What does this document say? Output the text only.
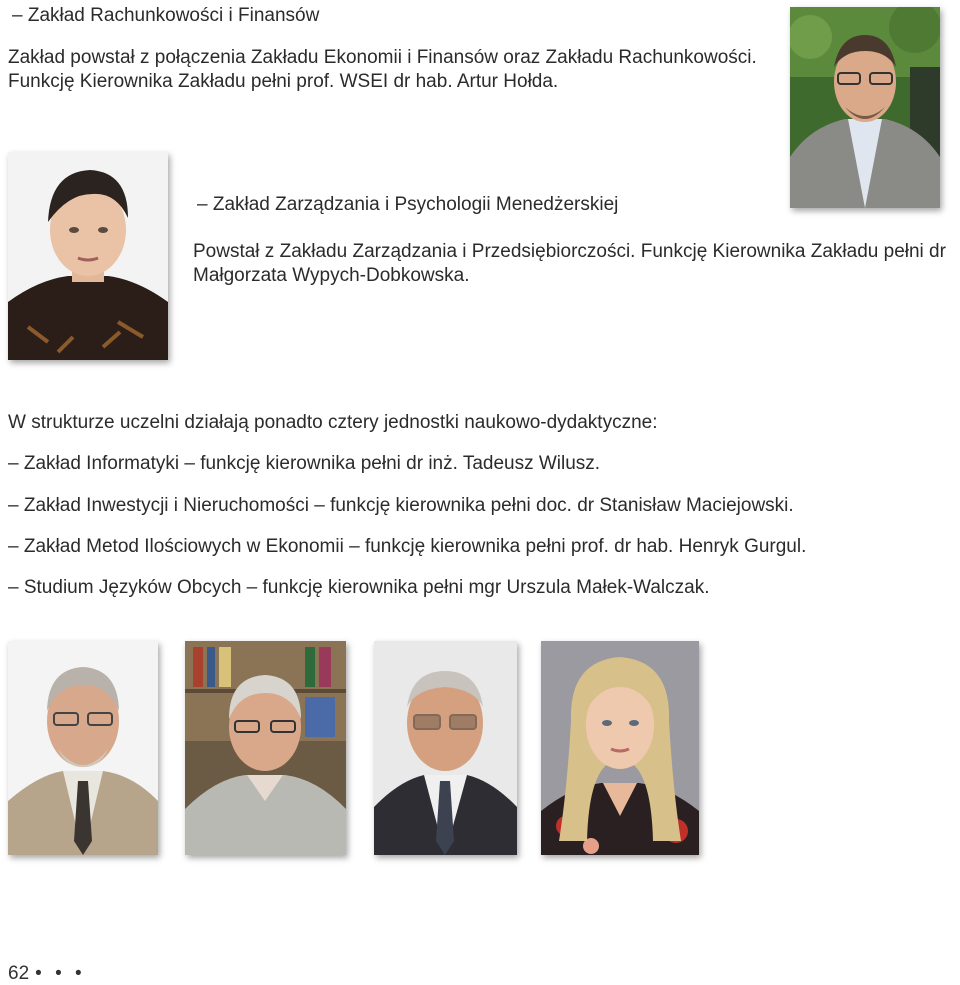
– Zakład Rachunkowości i Finansów
Zakład powstał z połączenia Zakładu Ekonomii i Finansów oraz Zakładu Rachunkowości.
Funkcję Kierownika Zakładu pełni prof. WSEI dr hab. Artur Hołda.
– Zakład Zarządzania i Psychologii Menedżerskiej
Powstał z Zakładu Zarządzania i Przedsiębiorczości. Funkcję Kierownika Zakładu pełni dr
Małgorzata Wypych-Dobkowska.
W strukturze uczelni działają ponadto cztery jednostki naukowo-dydaktyczne:
– Zakład Informatyki – funkcję kierownika pełni dr inż. Tadeusz Wilusz.
– Zakład Inwestycji i Nieruchomości – funkcję kierownika pełni doc. dr Stanisław Maciejowski.
– Zakład Metod Ilościowych w Ekonomii – funkcję kierownika pełni prof. dr hab. Henryk Gurgul.
– Studium Języków Obcych – funkcję kierownika pełni mgr Urszula Małek-Walczak.
62 • • •
